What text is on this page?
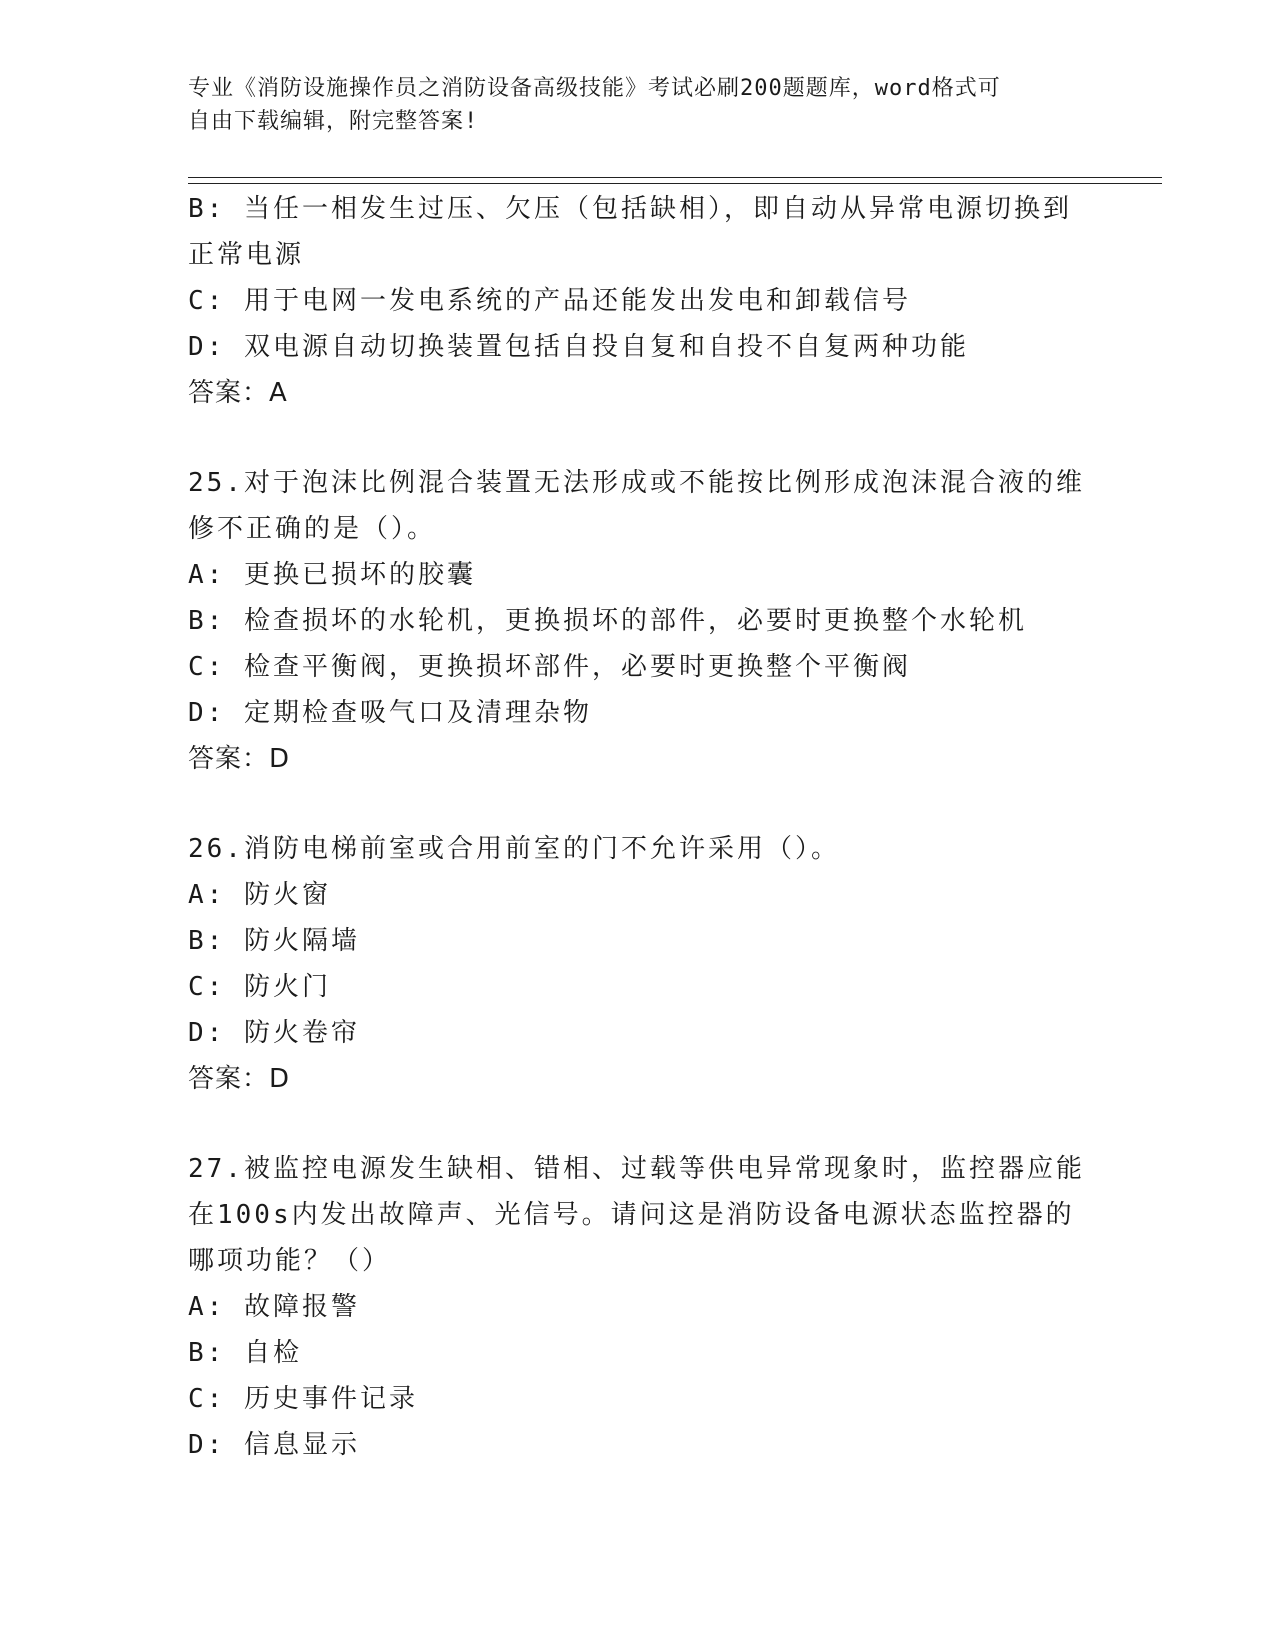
专业《消防设施操作员之消防设备高级技能》考试必刷200题题库，word格式可
自由下载编辑，附完整答案!
B: 当任一相发生过压、欠压（包括缺相），即自动从异常电源切换到
正常电源
C: 用于电网一发电系统的产品还能发出发电和卸载信号
D: 双电源自动切换装置包括自投自复和自投不自复两种功能
答案：A
25.对于泡沫比例混合装置无法形成或不能按比例形成泡沫混合液的维
修不正确的是（）。
A: 更换已损坏的胶囊
B: 检查损坏的水轮机，更换损坏的部件，必要时更换整个水轮机
C: 检查平衡阀，更换损坏部件，必要时更换整个平衡阀
D: 定期检查吸气口及清理杂物
答案：D
26.消防电梯前室或合用前室的门不允许采用（）。
A: 防火窗
B: 防火隔墙
C: 防火门
D: 防火卷帘
答案：D
27.被监控电源发生缺相、错相、过载等供电异常现象时，监控器应能
在100s内发出故障声、光信号。请问这是消防设备电源状态监控器的
哪项功能？（）
A: 故障报警
B: 自检
C: 历史事件记录
D: 信息显示
